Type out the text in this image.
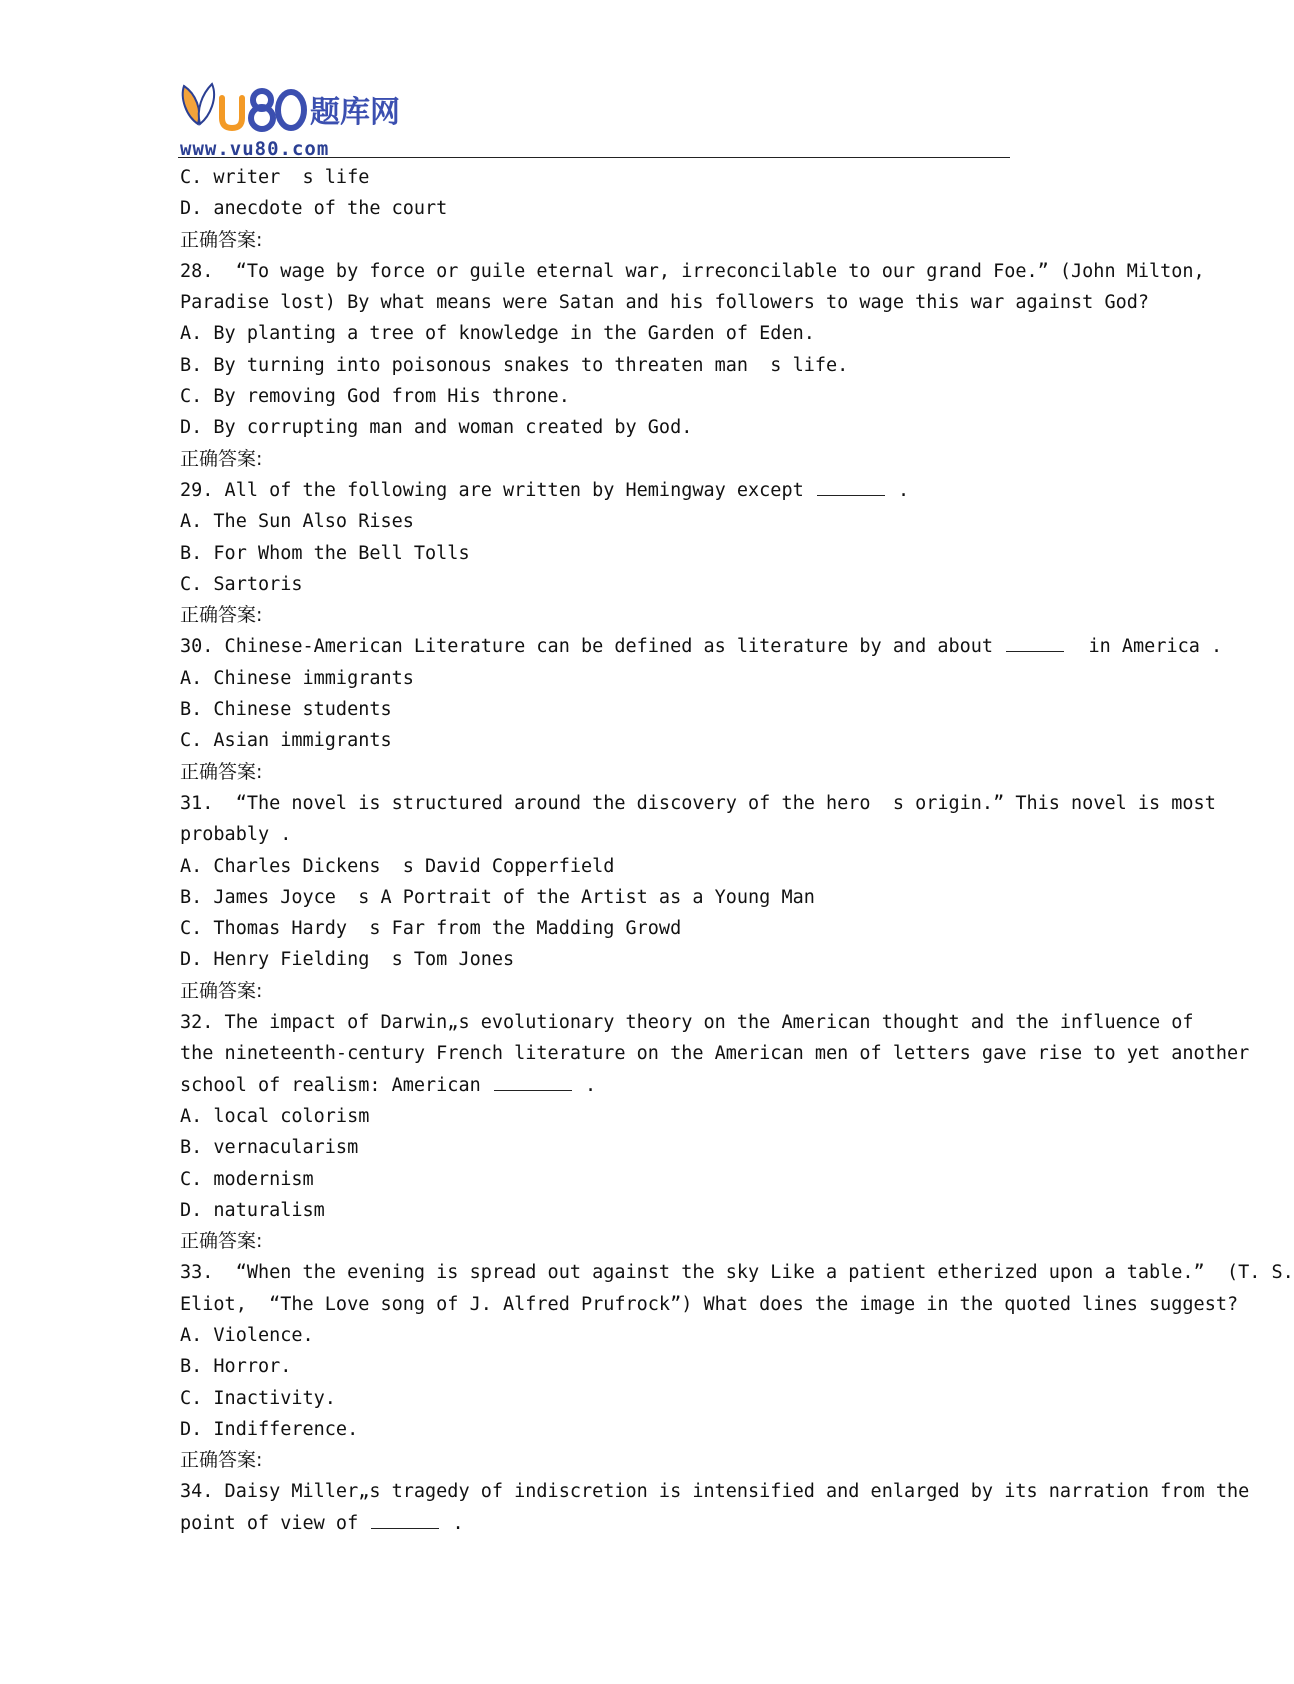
题库网
www.vu80.com
C. writer  s life
D. anecdote of the court
正确答案:
28.  “To wage by force or guile eternal war, irreconcilable to our grand Foe.” (John Milton,
Paradise lost) By what means were Satan and his followers to wage this war against God?
A. By planting a tree of knowledge in the Garden of Eden.
B. By turning into poisonous snakes to threaten man  s life.
C. By removing God from His throne.
D. By corrupting man and woman created by God.
正确答案:
29. All of the following are written by Hemingway except	.
A. The Sun Also Rises
B. For Whom the Bell Tolls
C. Sartoris
正确答案:
30. Chinese-American Literature can be defined as literature by and about	in America .
A. Chinese immigrants
B. Chinese students
C. Asian immigrants
正确答案:
31.  “The novel is structured around the discovery of the hero  s origin.” This novel is most
probably .
A. Charles Dickens  s David Copperfield
B. James Joyce  s A Portrait of the Artist as a Young Man
C. Thomas Hardy  s Far from the Madding Growd
D. Henry Fielding  s Tom Jones
正确答案:
32. The impact of Darwin„s evolutionary theory on the American thought and the influence of
the nineteenth-century French literature on the American men of letters gave rise to yet another
school of realism: American	.
A. local colorism
B. vernacularism
C. modernism
D. naturalism
正确答案:
33.  “When the evening is spread out against the sky Like a patient etherized upon a table.”  (T. S.
Eliot,  “The Love song of J. Alfred Prufrock”) What does the image in the quoted lines suggest?
A. Violence.
B. Horror.
C. Inactivity.
D. Indifference.
正确答案:
34. Daisy Miller„s tragedy of indiscretion is intensified and enlarged by its narration from the
point of view of	.
